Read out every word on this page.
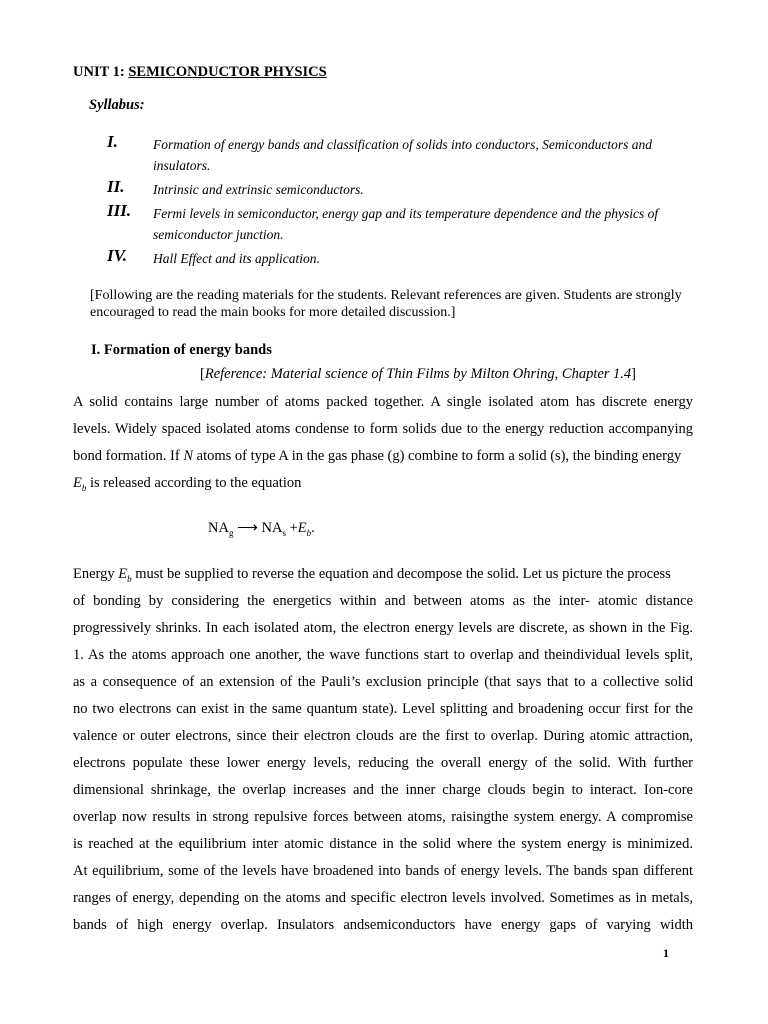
UNIT 1: SEMICONDUCTOR PHYSICS
Syllabus:
I.	Formation of energy bands and classification of solids into conductors, Semiconductors and insulators.
II. Intrinsic and extrinsic semiconductors.
III. Fermi levels in semiconductor, energy gap and its temperature dependence and the physics of semiconductor junction.
IV. Hall Effect and its application.
[Following are the reading materials for the students. Relevant references are given. Students are strongly encouraged to read the main books for more detailed discussion.]
I. Formation of energy bands
[Reference: Material science of Thin Films by Milton Ohring, Chapter 1.4]
A solid contains large number of atoms packed together. A single isolated atom has discrete energy
levels. Widely spaced isolated atoms condense to form solids due to the energy reduction accompanying
bond formation. If N atoms of type A in the gas phase (g) combine to form a solid (s), the binding energy
$E_b$ is released according to the equation
$NA_g$ ⟶ $NA_s +E_b$.
Energy $E_b$ must be supplied to reverse the equation and decompose the solid. Let us picture the process
of bonding by considering the energetics within and between atoms as the inter- atomic distance
progressively shrinks. In each isolated atom, the electron energy levels are discrete, as shown in the Fig.
1. As the atoms approach one another, the wave functions start to overlap and theindividual levels split,
as a consequence of an extension of the Pauli’s exclusion principle (that says that to a collective solid
no two electrons can exist in the same quantum state). Level splitting and broadening occur first for the
valence or outer electrons, since their electron clouds are the first to overlap. During atomic attraction,
electrons populate these lower energy levels, reducing the overall energy of the solid. With further
dimensional shrinkage, the overlap increases and the inner charge clouds begin to interact. Ion-core
overlap now results in strong repulsive forces between atoms, raisingthe system energy. A compromise
is reached at the equilibrium inter atomic distance in the solid where the system energy is minimized.
At equilibrium, some of the levels have broadened into bands of energy levels. The bands span different
ranges of energy, depending on the atoms and specific electron levels involved. Sometimes as in metals,
bands of high energy overlap. Insulators andsemiconductors have energy gaps of varying width
1
